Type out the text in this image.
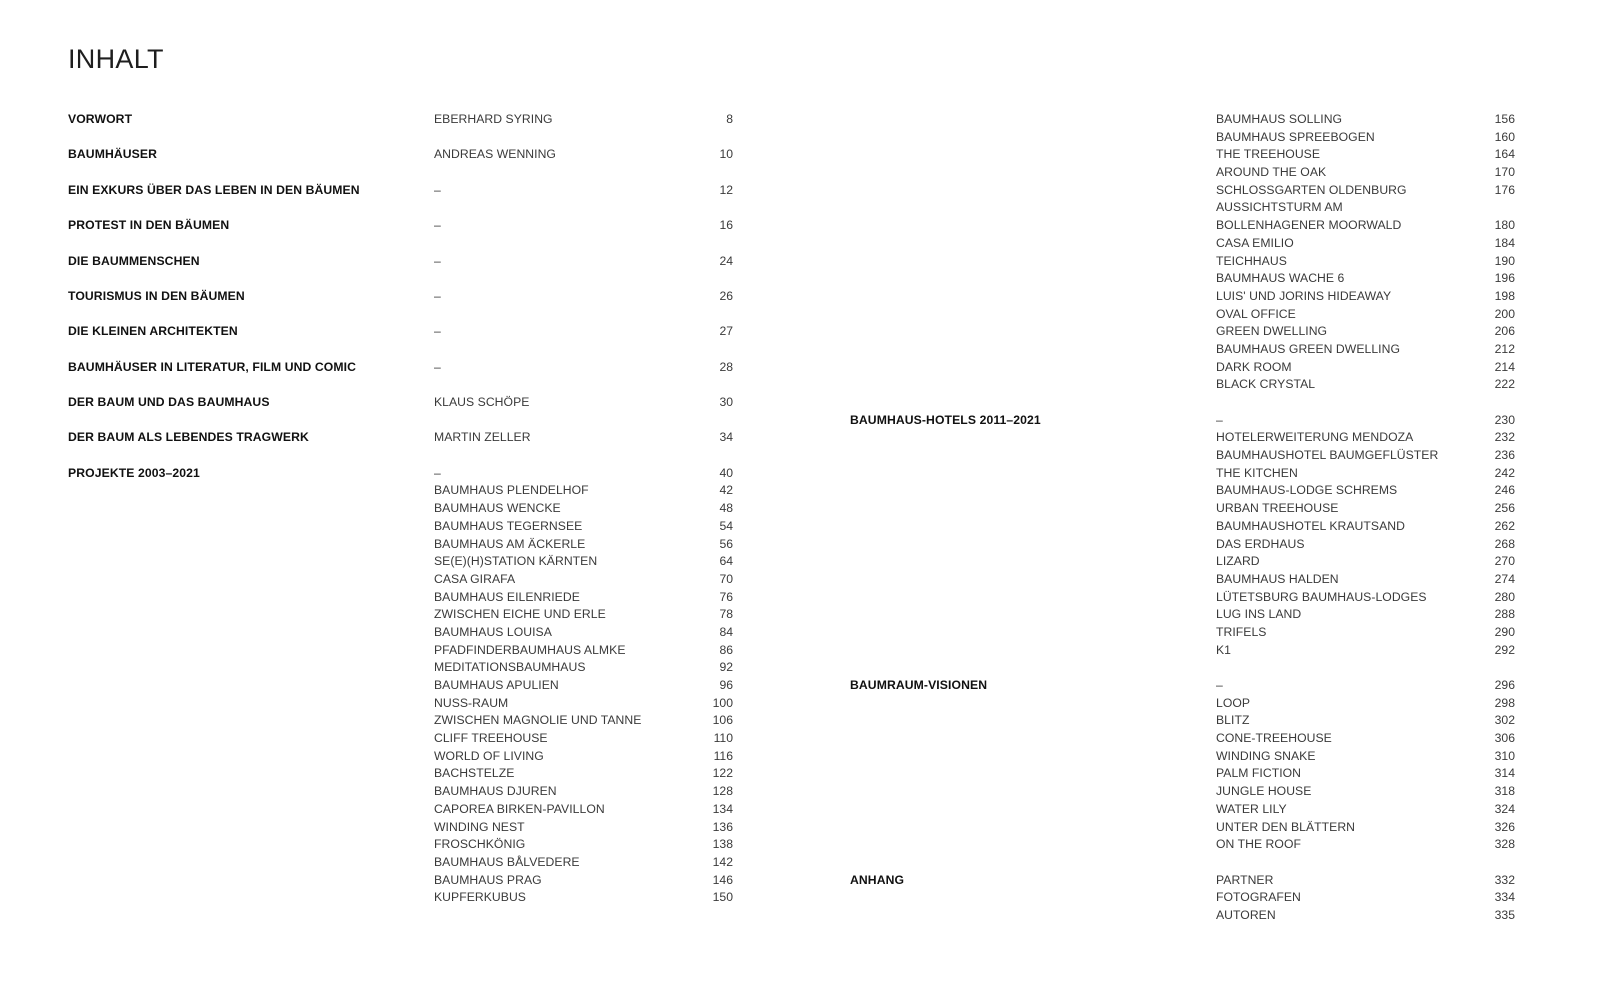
INHALT
VORWORT	EBERHARD SYRING	8
BAUMHÄUSER	ANDREAS WENNING	10
EIN EXKURS ÜBER DAS LEBEN IN DEN BÄUMEN	–	12
PROTEST IN DEN BÄUMEN	–	16
DIE BAUMMENSCHEN	–	24
TOURISMUS IN DEN BÄUMEN	–	26
DIE KLEINEN ARCHITEKTEN	–	27
BAUMHÄUSER IN LITERATUR, FILM UND COMIC	–	28
DER BAUM UND DAS BAUMHAUS	KLAUS SCHÖPE	30
DER BAUM ALS LEBENDES TRAGWERK	MARTIN ZELLER	34
PROJEKTE 2003–2021	–	40
BAUMHAUS PLENDELHOF	42
BAUMHAUS WENCKE	48
BAUMHAUS TEGERNSEE	54
BAUMHAUS AM ÄCKERLE	56
SE(E)(H)STATION KÄRNTEN	64
CASA GIRAFA	70
BAUMHAUS EILENRIEDE	76
ZWISCHEN EICHE UND ERLE	78
BAUMHAUS LOUISA	84
PFADFINDERBAUMHAUS ALMKE	86
MEDITATIONSBAUMHAUS	92
BAUMHAUS APULIEN	96
NUSS-RAUM	100
ZWISCHEN MAGNOLIE UND TANNE	106
CLIFF TREEHOUSE	110
WORLD OF LIVING	116
BACHSTELZE	122
BAUMHAUS DJUREN	128
CAPOREA BIRKEN-PAVILLON	134
WINDING NEST	136
FROSCHKÖNIG	138
BAUMHAUS BÅLVEDERE	142
BAUMHAUS PRAG	146
KUPFERKUBUS	150
BAUMHAUS SOLLING	156
BAUMHAUS SPREEBOGEN	160
THE TREEHOUSE	164
AROUND THE OAK	170
SCHLOSSGARTEN OLDENBURG	176
AUSSICHTSTURM AM BOLLENHAGENER MOORWALD	180
CASA EMILIO	184
TEICHHAUS	190
BAUMHAUS WACHE 6	196
LUIS' UND JORINS HIDEAWAY	198
OVAL OFFICE	200
GREEN DWELLING	206
BAUMHAUS GREEN DWELLING	212
DARK ROOM	214
BLACK CRYSTAL	222
BAUMHAUS-HOTELS 2011–2021	–	230
HOTELERWEITERUNG MENDOZA	232
BAUMHAUSHOTEL BAUMGEFLÜSTER	236
THE KITCHEN	242
BAUMHAUS-LODGE SCHREMS	246
URBAN TREEHOUSE	256
BAUMHAUSHOTEL KRAUTSAND	262
DAS ERDHAUS	268
LIZARD	270
BAUMHAUS HALDEN	274
LÜTETSBURG BAUMHAUS-LODGES	280
LUG INS LAND	288
TRIFELS	290
K1	292
BAUMRAUM-VISIONEN	–	296
LOOP	298
BLITZ	302
CONE-TREEHOUSE	306
WINDING SNAKE	310
PALM FICTION	314
JUNGLE HOUSE	318
WATER LILY	324
UNTER DEN BLÄTTERN	326
ON THE ROOF	328
ANHANG	PARTNER	332
FOTOGRAFEN	334
AUTOREN	335
